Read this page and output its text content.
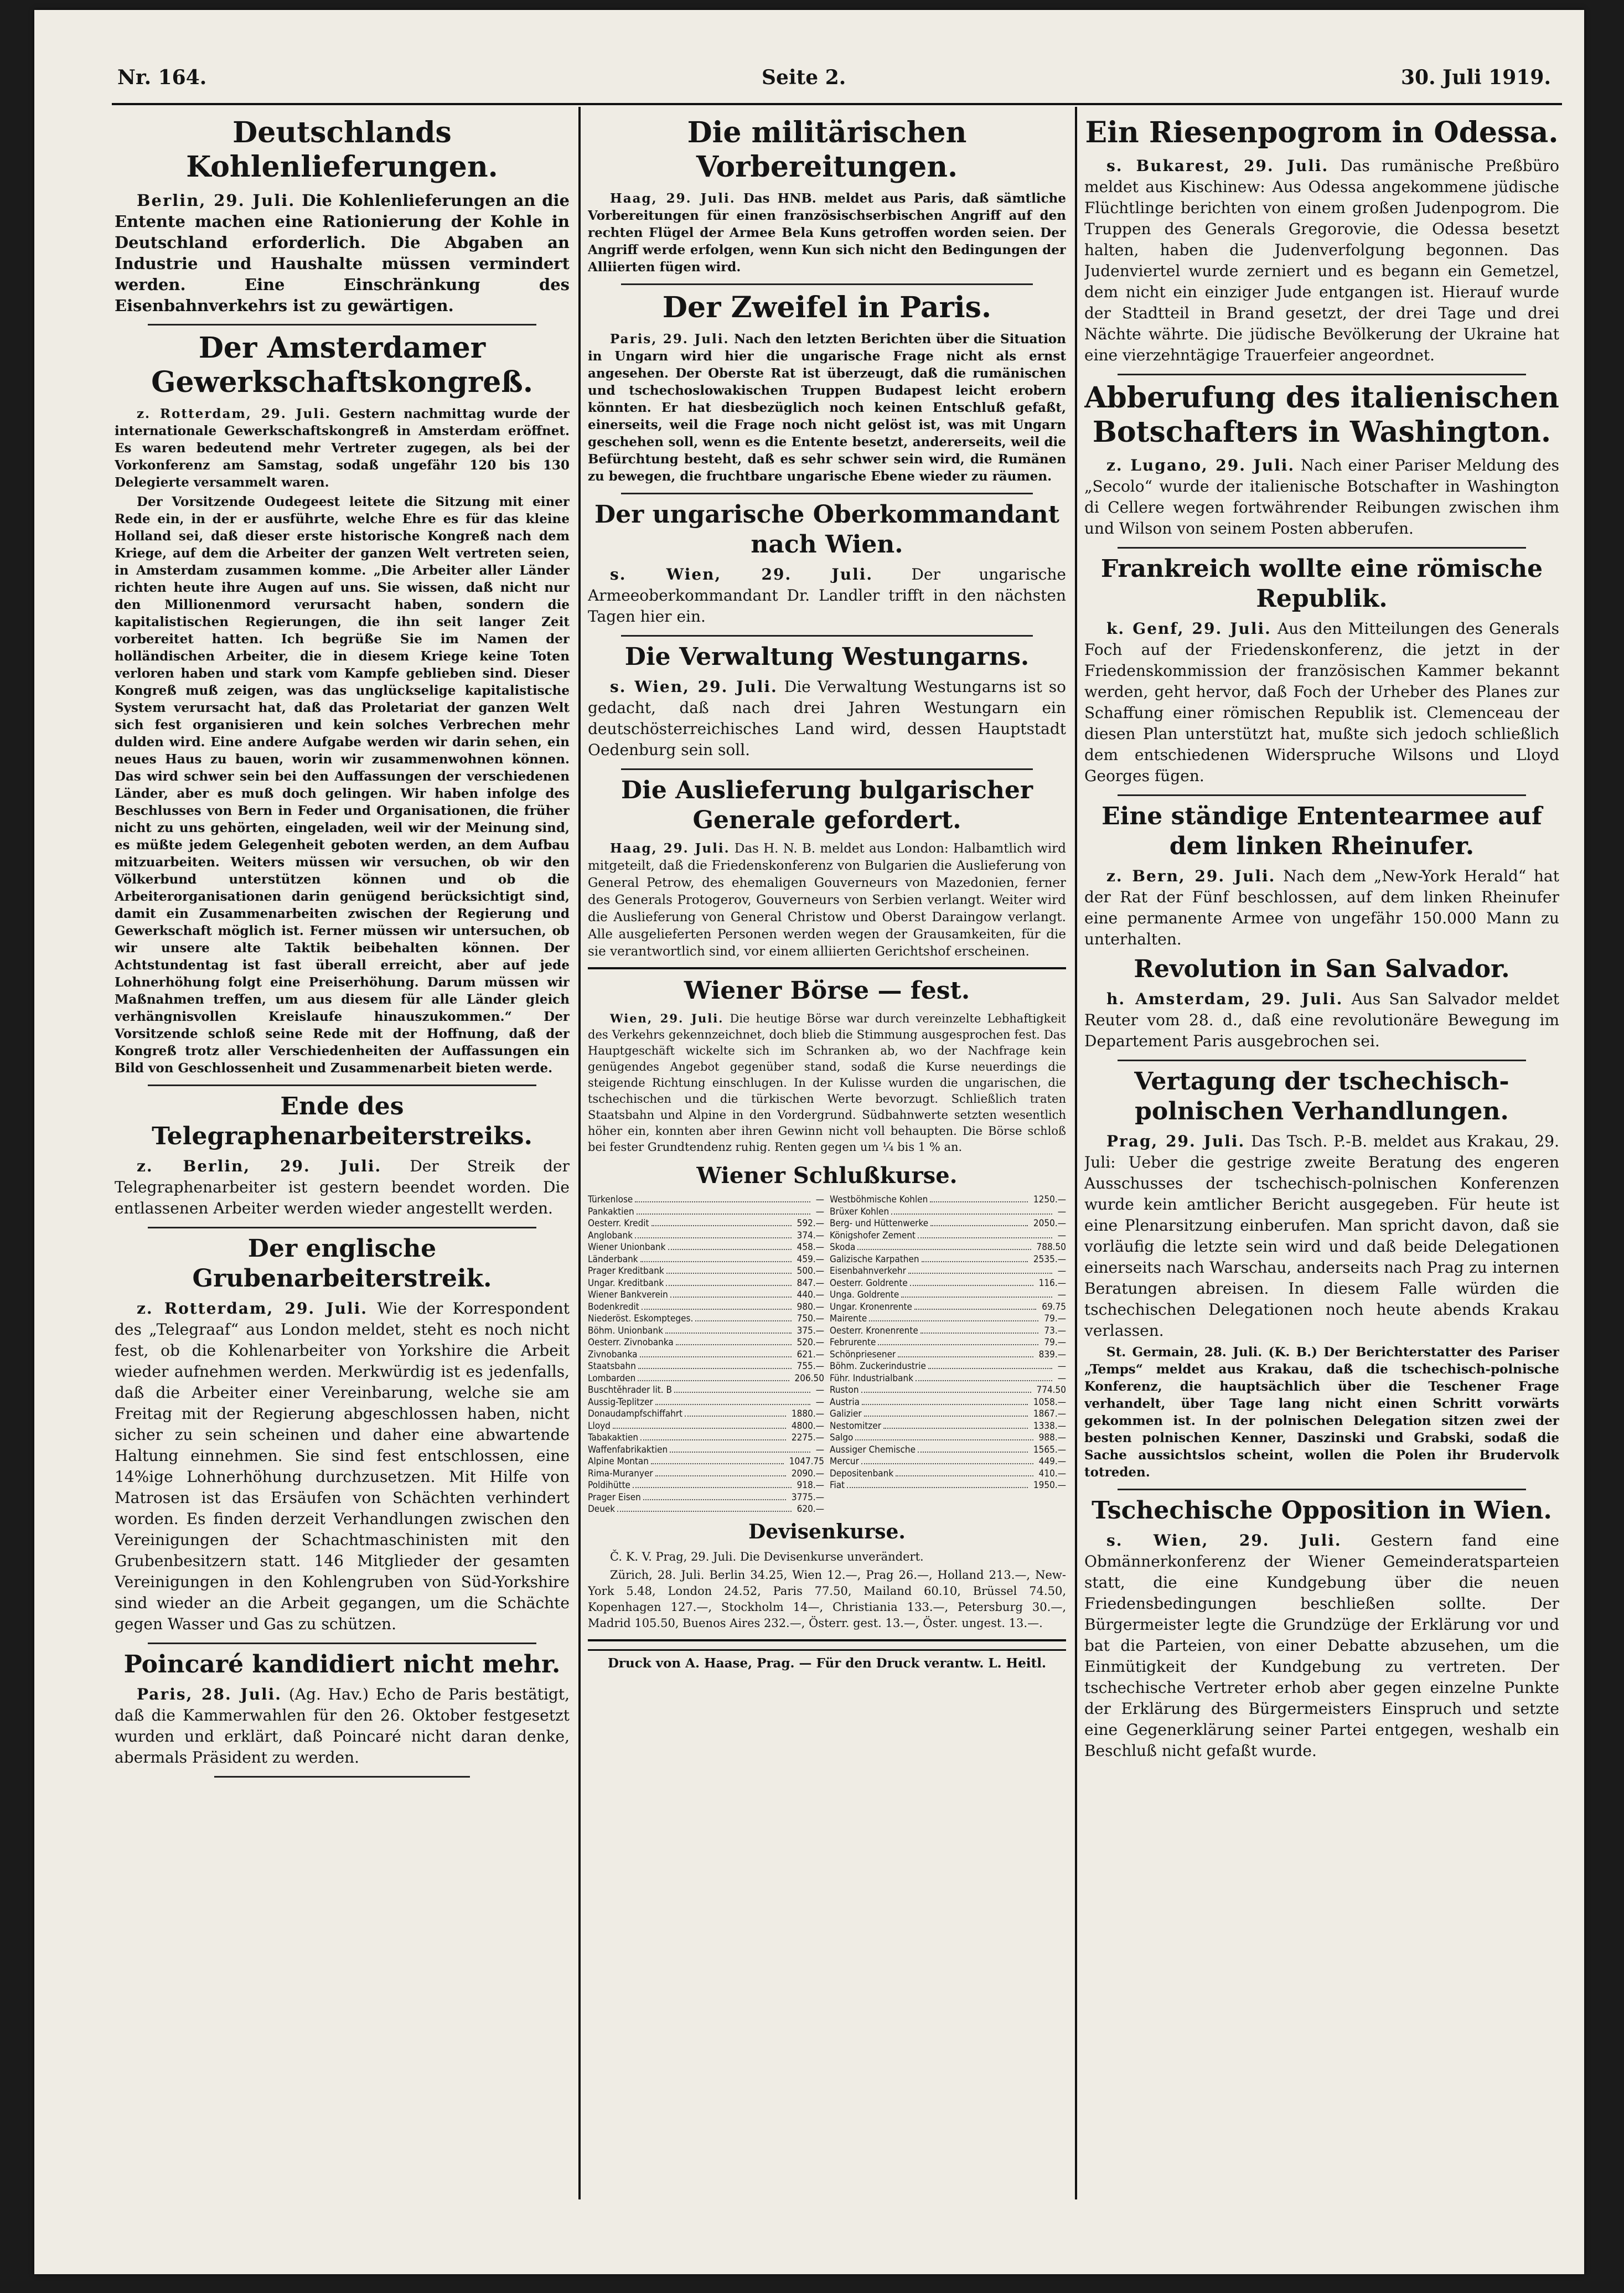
Nr. 164.	Seite 2.	30. Juli 1919.
Deutschlands Kohlenlieferungen.

Berlin, 29. Juli. Die Kohlenlieferungen an die Entente machen eine Rationierung der Kohle in Deutschland erforderlich. Die Abgaben an Industrie und Haushalte müssen vermindert werden. Eine Einschränkung des Eisenbahnverkehrs ist zu gewärtigen.

Der Amsterdamer Gewerkschaftskongreß.

z. Rotterdam, 29. Juli. Gestern nachmittag wurde der internationale Gewerkschaftskongreß in Amsterdam eröffnet. Es waren bedeutend mehr Vertreter zugegen, als bei der Vorkonferenz am Samstag, sodaß ungefähr 120 bis 130 Delegierte versammelt waren.

Der Vorsitzende Oudegeest leitete die Sitzung mit einer Rede ein, in der er ausführte, welche Ehre es für das kleine Holland sei, daß dieser erste historische Kongreß nach dem Kriege, auf dem die Arbeiter der ganzen Welt vertreten seien, in Amsterdam zusammen komme. „Die Arbeiter aller Länder richten heute ihre Augen auf uns. Sie wissen, daß nicht nur den Millionenmord verursacht haben, sondern die kapitalistischen Regierungen, die ihn seit langer Zeit vorbereitet hatten. Ich begrüße Sie im Namen der holländischen Arbeiter, die in diesem Kriege keine Toten verloren haben und stark vom Kampfe geblieben sind. Dieser Kongreß muß zeigen, was das unglückselige kapitalistische System verursacht hat, daß das Proletariat der ganzen Welt sich fest organisieren und kein solches Verbrechen mehr dulden wird. Eine andere Aufgabe werden wir darin sehen, ein neues Haus zu bauen, worin wir zusammenwohnen können. Das wird schwer sein bei den Auffassungen der verschiedenen Länder, aber es muß doch gelingen. Wir haben infolge des Beschlusses von Bern in Feder und Organisationen, die früher nicht zu uns gehörten, eingeladen, weil wir der Meinung sind, es müßte jedem Gelegenheit geboten werden, an dem Aufbau mitzuarbeiten. Weiters müssen wir versuchen, ob wir den Völkerbund unterstützen können und ob die Arbeiterorganisationen darin genügend berücksichtigt sind, damit ein Zusammenarbeiten zwischen der Regierung und Gewerkschaft möglich ist. Ferner müssen wir untersuchen, ob wir unsere alte Taktik beibehalten können. Der Achtstundentag ist fast überall erreicht, aber auf jede Lohnerhöhung folgt eine Preiserhöhung. Darum müssen wir Maßnahmen treffen, um aus diesem für alle Länder gleich verhängnisvollen Kreislaufe hinauszukommen.“ Der Vorsitzende schloß seine Rede mit der Hoffnung, daß der Kongreß trotz aller Verschiedenheiten der Auffassungen ein Bild von Geschlossenheit und Zusammenarbeit bieten werde.

Ende des Telegraphenarbeiterstreiks.

z. Berlin, 29. Juli. Der Streik der Telegraphenarbeiter ist gestern beendet worden. Die entlassenen Arbeiter werden wieder angestellt werden.

Der englische Grubenarbeiterstreik.

z. Rotterdam, 29. Juli. Wie der Korrespondent des „Telegraaf“ aus London meldet, steht es noch nicht fest, ob die Kohlenarbeiter von Yorkshire die Arbeit wieder aufnehmen werden. Merkwürdig ist es jedenfalls, daß die Arbeiter einer Vereinbarung, welche sie am Freitag mit der Regierung abgeschlossen haben, nicht sicher zu sein scheinen und daher eine abwartende Haltung einnehmen. Sie sind fest entschlossen, eine 14%ige Lohnerhöhung durchzusetzen. Mit Hilfe von Matrosen ist das Ersäufen von Schächten verhindert worden. Es finden derzeit Verhandlungen zwischen den Vereinigungen der Schachtmaschinisten mit den Grubenbesitzern statt. 146 Mitglieder der gesamten Vereinigungen in den Kohlengruben von Süd-Yorkshire sind wieder an die Arbeit gegangen, um die Schächte gegen Wasser und Gas zu schützen.

Poincaré kandidiert nicht mehr.

Paris, 28. Juli. (Ag. Hav.) Echo de Paris bestätigt, daß die Kammerwahlen für den 26. Oktober festgesetzt wurden und erklärt, daß Poincaré nicht daran denke, abermals Präsident zu werden.

Die militärischen Vorbereitungen.

Haag, 29. Juli. Das HNB. meldet aus Paris, daß sämtliche Vorbereitungen für einen französischserbischen Angriff auf den rechten Flügel der Armee Bela Kuns getroffen worden seien. Der Angriff werde erfolgen, wenn Kun sich nicht den Bedingungen der Alliierten fügen wird.

Der Zweifel in Paris.

Paris, 29. Juli. Nach den letzten Berichten über die Situation in Ungarn wird hier die ungarische Frage nicht als ernst angesehen. Der Oberste Rat ist überzeugt, daß die rumänischen und tschechoslowakischen Truppen Budapest leicht erobern könnten. Er hat diesbezüglich noch keinen Entschluß gefaßt, einerseits, weil die Frage noch nicht gelöst ist, was mit Ungarn geschehen soll, wenn es die Entente besetzt, andererseits, weil die Befürchtung besteht, daß es sehr schwer sein wird, die Rumänen zu bewegen, die fruchtbare ungarische Ebene wieder zu räumen.

Der ungarische Oberkommandant nach Wien.

s. Wien, 29. Juli. Der ungarische Armeeoberkommandant Dr. Landler trifft in den nächsten Tagen hier ein.

Die Verwaltung Westungarns.

s. Wien, 29. Juli. Die Verwaltung Westungarns ist so gedacht, daß nach drei Jahren Westungarn ein deutschösterreichisches Land wird, dessen Hauptstadt Oedenburg sein soll.

Die Auslieferung bulgarischer Generale gefordert.

Haag, 29. Juli. Das H. N. B. meldet aus London: Halbamtlich wird mitgeteilt, daß die Friedenskonferenz von Bulgarien die Auslieferung von General Petrow, des ehemaligen Gouverneurs von Mazedonien, ferner des Generals Protogerov, Gouverneurs von Serbien verlangt. Weiter wird die Auslieferung von General Christow und Oberst Daraingow verlangt. Alle ausgelieferten Personen werden wegen der Grausamkeiten, für die sie verantwortlich sind, vor einem alliierten Gerichtshof erscheinen.

Wiener Börse — fest.

Wien, 29. Juli. Die heutige Börse war durch vereinzelte Lebhaftigkeit des Verkehrs gekennzeichnet, doch blieb die Stimmung ausgesprochen fest. Das Hauptgeschäft wickelte sich im Schranken ab, wo der Nachfrage kein genügendes Angebot gegenüber stand, sodaß die Kurse neuerdings die steigende Richtung einschlugen. In der Kulisse wurden die ungarischen, die tschechischen und die türkischen Werte bevorzugt. Schließlich traten Staatsbahn und Alpine in den Vordergrund. Südbahnwerte setzten wesentlich höher ein, konnten aber ihren Gewinn nicht voll behaupten. Die Börse schloß bei fester Grundtendenz ruhig. Renten gegen um ¼ bis 1 % an.

Wiener Schlußkurse.
Türkenlose	—
Pankaktien	—
Oesterr. Kredit	592.—
Anglobank	374.—
Wiener Unionbank	458.—
Länderbank	459.—
Prager Kreditbank	500.—
Ungar. Kreditbank	847.—
Wiener Bankverein	440.—
Bodenkredit	980.—
Niederöst. Eskompteges.	750.—
Böhm. Unionbank	375.—
Oesterr. Zivnobanka	520.—
Zivnobanka	621.—
Staatsbahn	755.—
Lombarden	206.50
Buschtěhrader lit. B	—
Aussig-Teplitzer	—
Donaudampfschiffahrt	1880.—
Lloyd	4800.—
Tabakaktien	2275.—
Waffenfabrikaktien	—
Alpine Montan	1047.75
Rima-Muranyer	2090.—
Poldihütte	918.—
Prager Eisen	3775.—
Deuek	620.—
Westböhmische Kohlen	1250.—
Brüxer Kohlen	—
Berg- und Hüttenwerke	2050.—
Königshofer Zement	—
Skoda	788.50
Galizische Karpathen	2535.—
Eisenbahnverkehr	—
Oesterr. Goldrente	116.—
Unga. Goldrente	—
Ungar. Kronenrente	69.75
Mairente	79.—
Oesterr. Kronenrente	73.—
Februrente	79.—
Schönpriesener	839.—
Böhm. Zuckerindustrie	—
Führ. Industrialbank	—
Ruston	774.50
Austria	1058.—
Galizier	1867.—
Nestomitzer	1338.—
Salgo	988.—
Aussiger Chemische	1565.—
Mercur	449.—
Depositenbank	410.—
Fiat	1950.—
Devisenkurse.

Č. K. V. Prag, 29. Juli. Die Devisenkurse unverändert.

Zürich, 28. Juli. Berlin 34.25, Wien 12.—, Prag 26.—, Holland 213.—, New-York 5.48, London 24.52, Paris 77.50, Mailand 60.10, Brüssel 74.50, Kopenhagen 127.—, Stockholm 14—, Christiania 133.—, Petersburg 30.—, Madrid 105.50, Buenos Aires 232.—, Österr. gest. 13.—, Öster. ungest. 13.—.

Druck von A. Haase, Prag. — Für den Druck verantw. L. Heitl.
Ein Riesenpogrom in Odessa.

s. Bukarest, 29. Juli. Das rumänische Preßbüro meldet aus Kischinew: Aus Odessa angekommene jüdische Flüchtlinge berichten von einem großen Judenpogrom. Die Truppen des Generals Gregorovie, die Odessa besetzt halten, haben die Judenverfolgung begonnen. Das Judenviertel wurde zerniert und es begann ein Gemetzel, dem nicht ein einziger Jude entgangen ist. Hierauf wurde der Stadtteil in Brand gesetzt, der drei Tage und drei Nächte währte. Die jüdische Bevölkerung der Ukraine hat eine vierzehntägige Trauerfeier angeordnet.

Abberufung des italienischen Botschafters in Washington.

z. Lugano, 29. Juli. Nach einer Pariser Meldung des „Secolo“ wurde der italienische Botschafter in Washington di Cellere wegen fortwährender Reibungen zwischen ihm und Wilson von seinem Posten abberufen.

Frankreich wollte eine römische Republik.

k. Genf, 29. Juli. Aus den Mitteilungen des Generals Foch auf der Friedenskonferenz, die jetzt in der Friedenskommission der französischen Kammer bekannt werden, geht hervor, daß Foch der Urheber des Planes zur Schaffung einer römischen Republik ist. Clemenceau der diesen Plan unterstützt hat, mußte sich jedoch schließlich dem entschiedenen Widerspruche Wilsons und Lloyd Georges fügen.

Eine ständige Ententearmee auf dem linken Rheinufer.

z. Bern, 29. Juli. Nach dem „New-York Herald“ hat der Rat der Fünf beschlossen, auf dem linken Rheinufer eine permanente Armee von ungefähr 150.000 Mann zu unterhalten.

Revolution in San Salvador.

h. Amsterdam, 29. Juli. Aus San Salvador meldet Reuter vom 28. d., daß eine revolutionäre Bewegung im Departement Paris ausgebrochen sei.

Vertagung der tschechisch-polnischen Verhandlungen.

Prag, 29. Juli. Das Tsch. P.-B. meldet aus Krakau, 29. Juli: Ueber die gestrige zweite Beratung des engeren Ausschusses der tschechisch-polnischen Konferenzen wurde kein amtlicher Bericht ausgegeben. Für heute ist eine Plenarsitzung einberufen. Man spricht davon, daß sie vorläufig die letzte sein wird und daß beide Delegationen einerseits nach Warschau, anderseits nach Prag zu internen Beratungen abreisen. In diesem Falle würden die tschechischen Delegationen noch heute abends Krakau verlassen.

St. Germain, 28. Juli. (K. B.) Der Berichterstatter des Pariser „Temps“ meldet aus Krakau, daß die tschechisch-polnische Konferenz, die hauptsächlich über die Teschener Frage verhandelt, über Tage lang nicht einen Schritt vorwärts gekommen ist. In der polnischen Delegation sitzen zwei der besten polnischen Kenner, Daszinski und Grabski, sodaß die Sache aussichtslos scheint, wollen die Polen ihr Brudervolk totreden.

Tschechische Opposition in Wien.

s. Wien, 29. Juli. Gestern fand eine Obmännerkonferenz der Wiener Gemeinderatsparteien statt, die eine Kundgebung über die neuen Friedensbedingungen beschließen sollte. Der Bürgermeister legte die Grundzüge der Erklärung vor und bat die Parteien, von einer Debatte abzusehen, um die Einmütigkeit der Kundgebung zu vertreten. Der tschechische Vertreter erhob aber gegen einzelne Punkte der Erklärung des Bürgermeisters Einspruch und setzte eine Gegenerklärung seiner Partei entgegen, weshalb ein Beschluß nicht gefaßt wurde.
